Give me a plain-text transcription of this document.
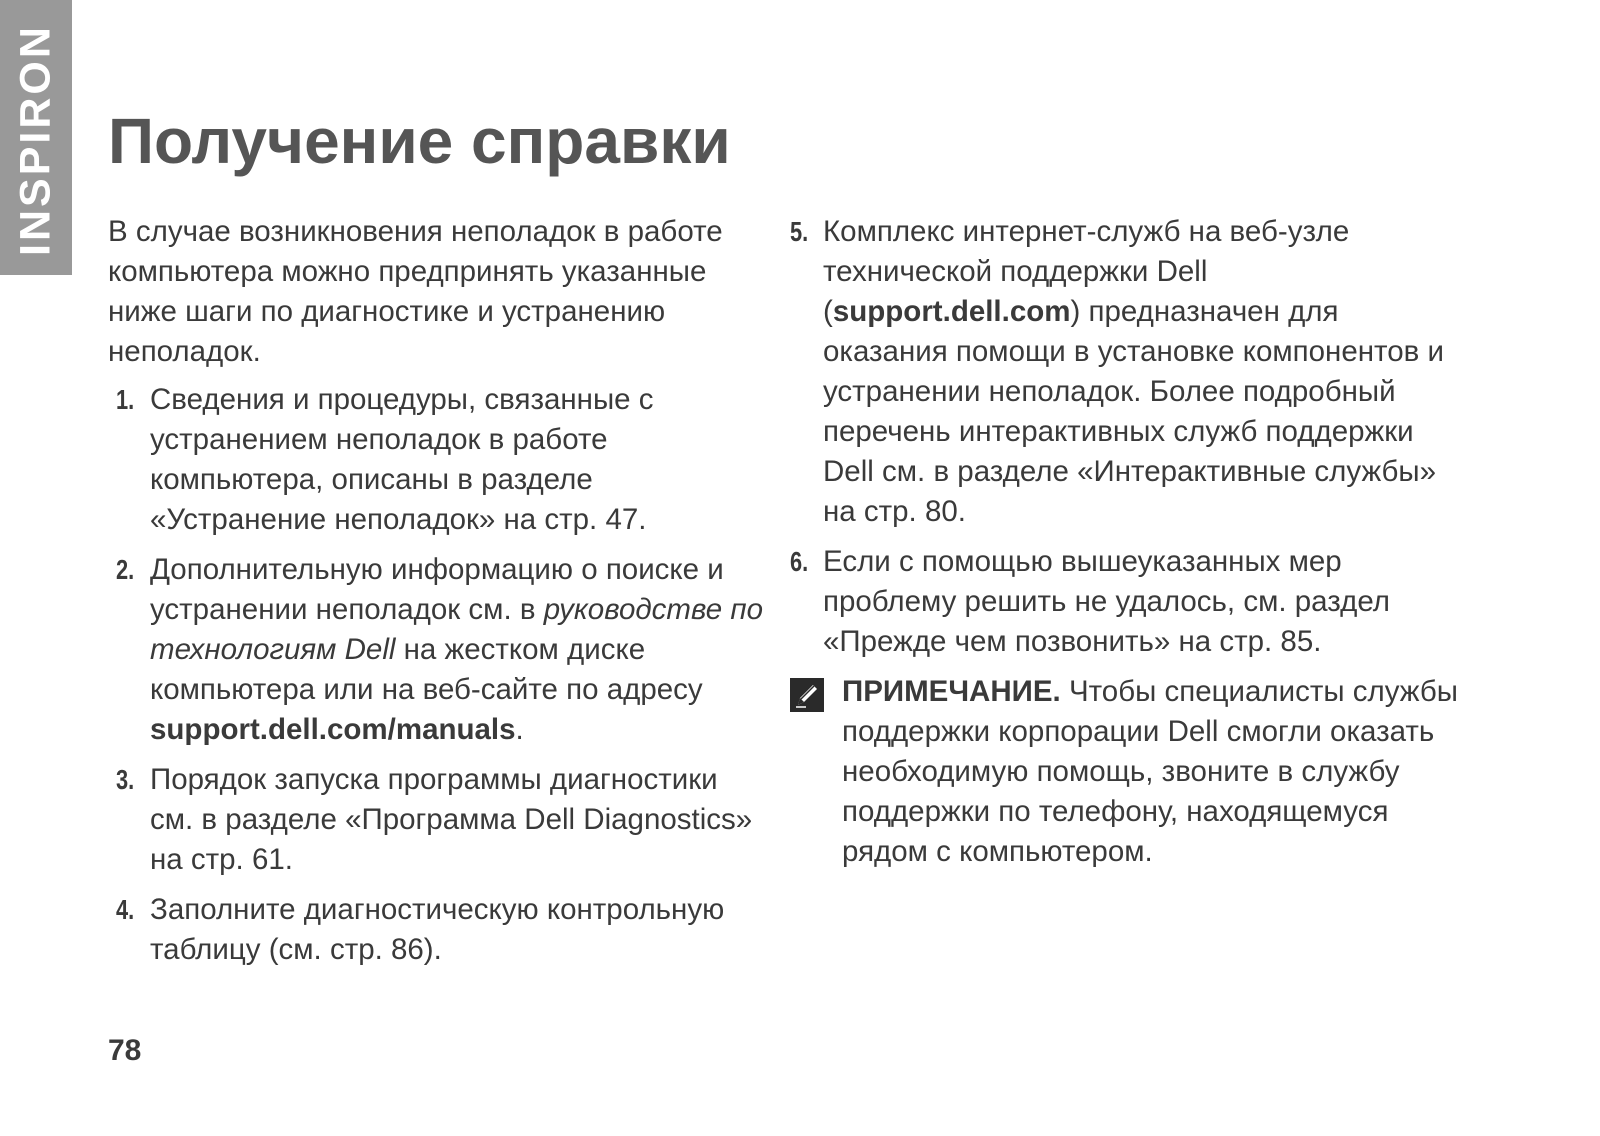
INSPIRON Получение справки

В случае возникновения неполадок в работе компьютера можно предпринять указанные ниже шаги по диагностике и устранению неполадок.

1. Сведения и процедуры, связанные с устранением неполадок в работе компьютера, описаны в разделе «Устранение неполадок» на стр. 47.
2. Дополнительную информацию о поиске и устранении неполадок см. в руководстве по технологиям Dell на жестком диске компьютера или на веб-сайте по адресу
support.dell.com/manuals.
3. Порядок запуска программы диагностики см. в разделе «Программа Dell Diagnostics» на стр. 61.
4. Заполните диагностическую контрольную таблицу (см. стр. 86).
5. Комплекс интернет-служб на веб-узле технической поддержки Dell (support.dell.com) предназначен для оказания помощи в установке компонентов и устранении неполадок. Более подробный перечень интерактивных служб поддержки Dell см. в разделе «Интерактивные службы» на стр. 80.
6. Если с помощью вышеуказанных мер проблему решить не удалось, см. раздел «Прежде чем позвонить» на стр. 85.
ПРИМЕЧАНИЕ. Чтобы специалисты службы поддержки корпорации Dell смогли оказать необходимую помощь, звоните в службу поддержки по телефону, находящемуся рядом с компьютером.
78
